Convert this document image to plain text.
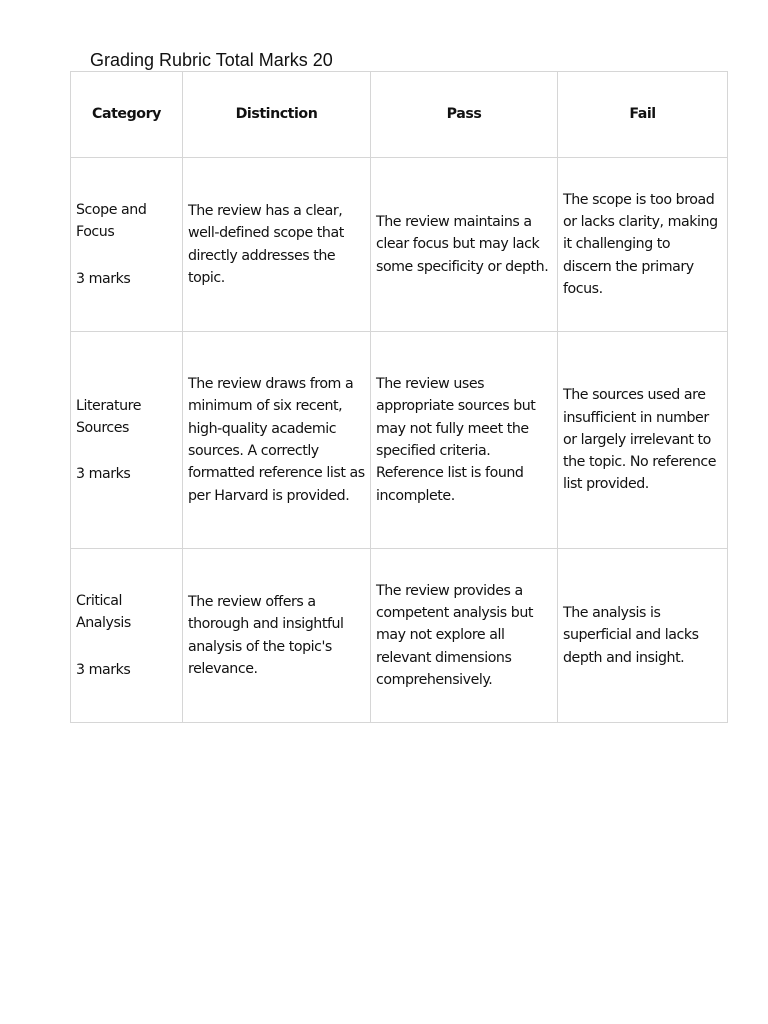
Grading Rubric Total Marks 20
Category	Distinction	Pass	Fail

Scope and Focus
3 marks	The review has a clear, well-defined scope that directly addresses the topic.	The review maintains a clear focus but may lack some specificity or depth.	The scope is too broad or lacks clarity, making it challenging to discern the primary focus.

Literature Sources
3 marks	The review draws from a minimum of six recent, high-quality academic sources. A correctly formatted reference list as per Harvard is provided.	The review uses appropriate sources but may not fully meet the specified criteria. Reference list is found incomplete.	The sources used are insufficient in number or largely irrelevant to the topic. No reference list provided.

Critical Analysis
3 marks	The review offers a thorough and insightful analysis of the topic's relevance.	The review provides a competent analysis but may not explore all relevant dimensions comprehensively.	The analysis is superficial and lacks depth and insight.
